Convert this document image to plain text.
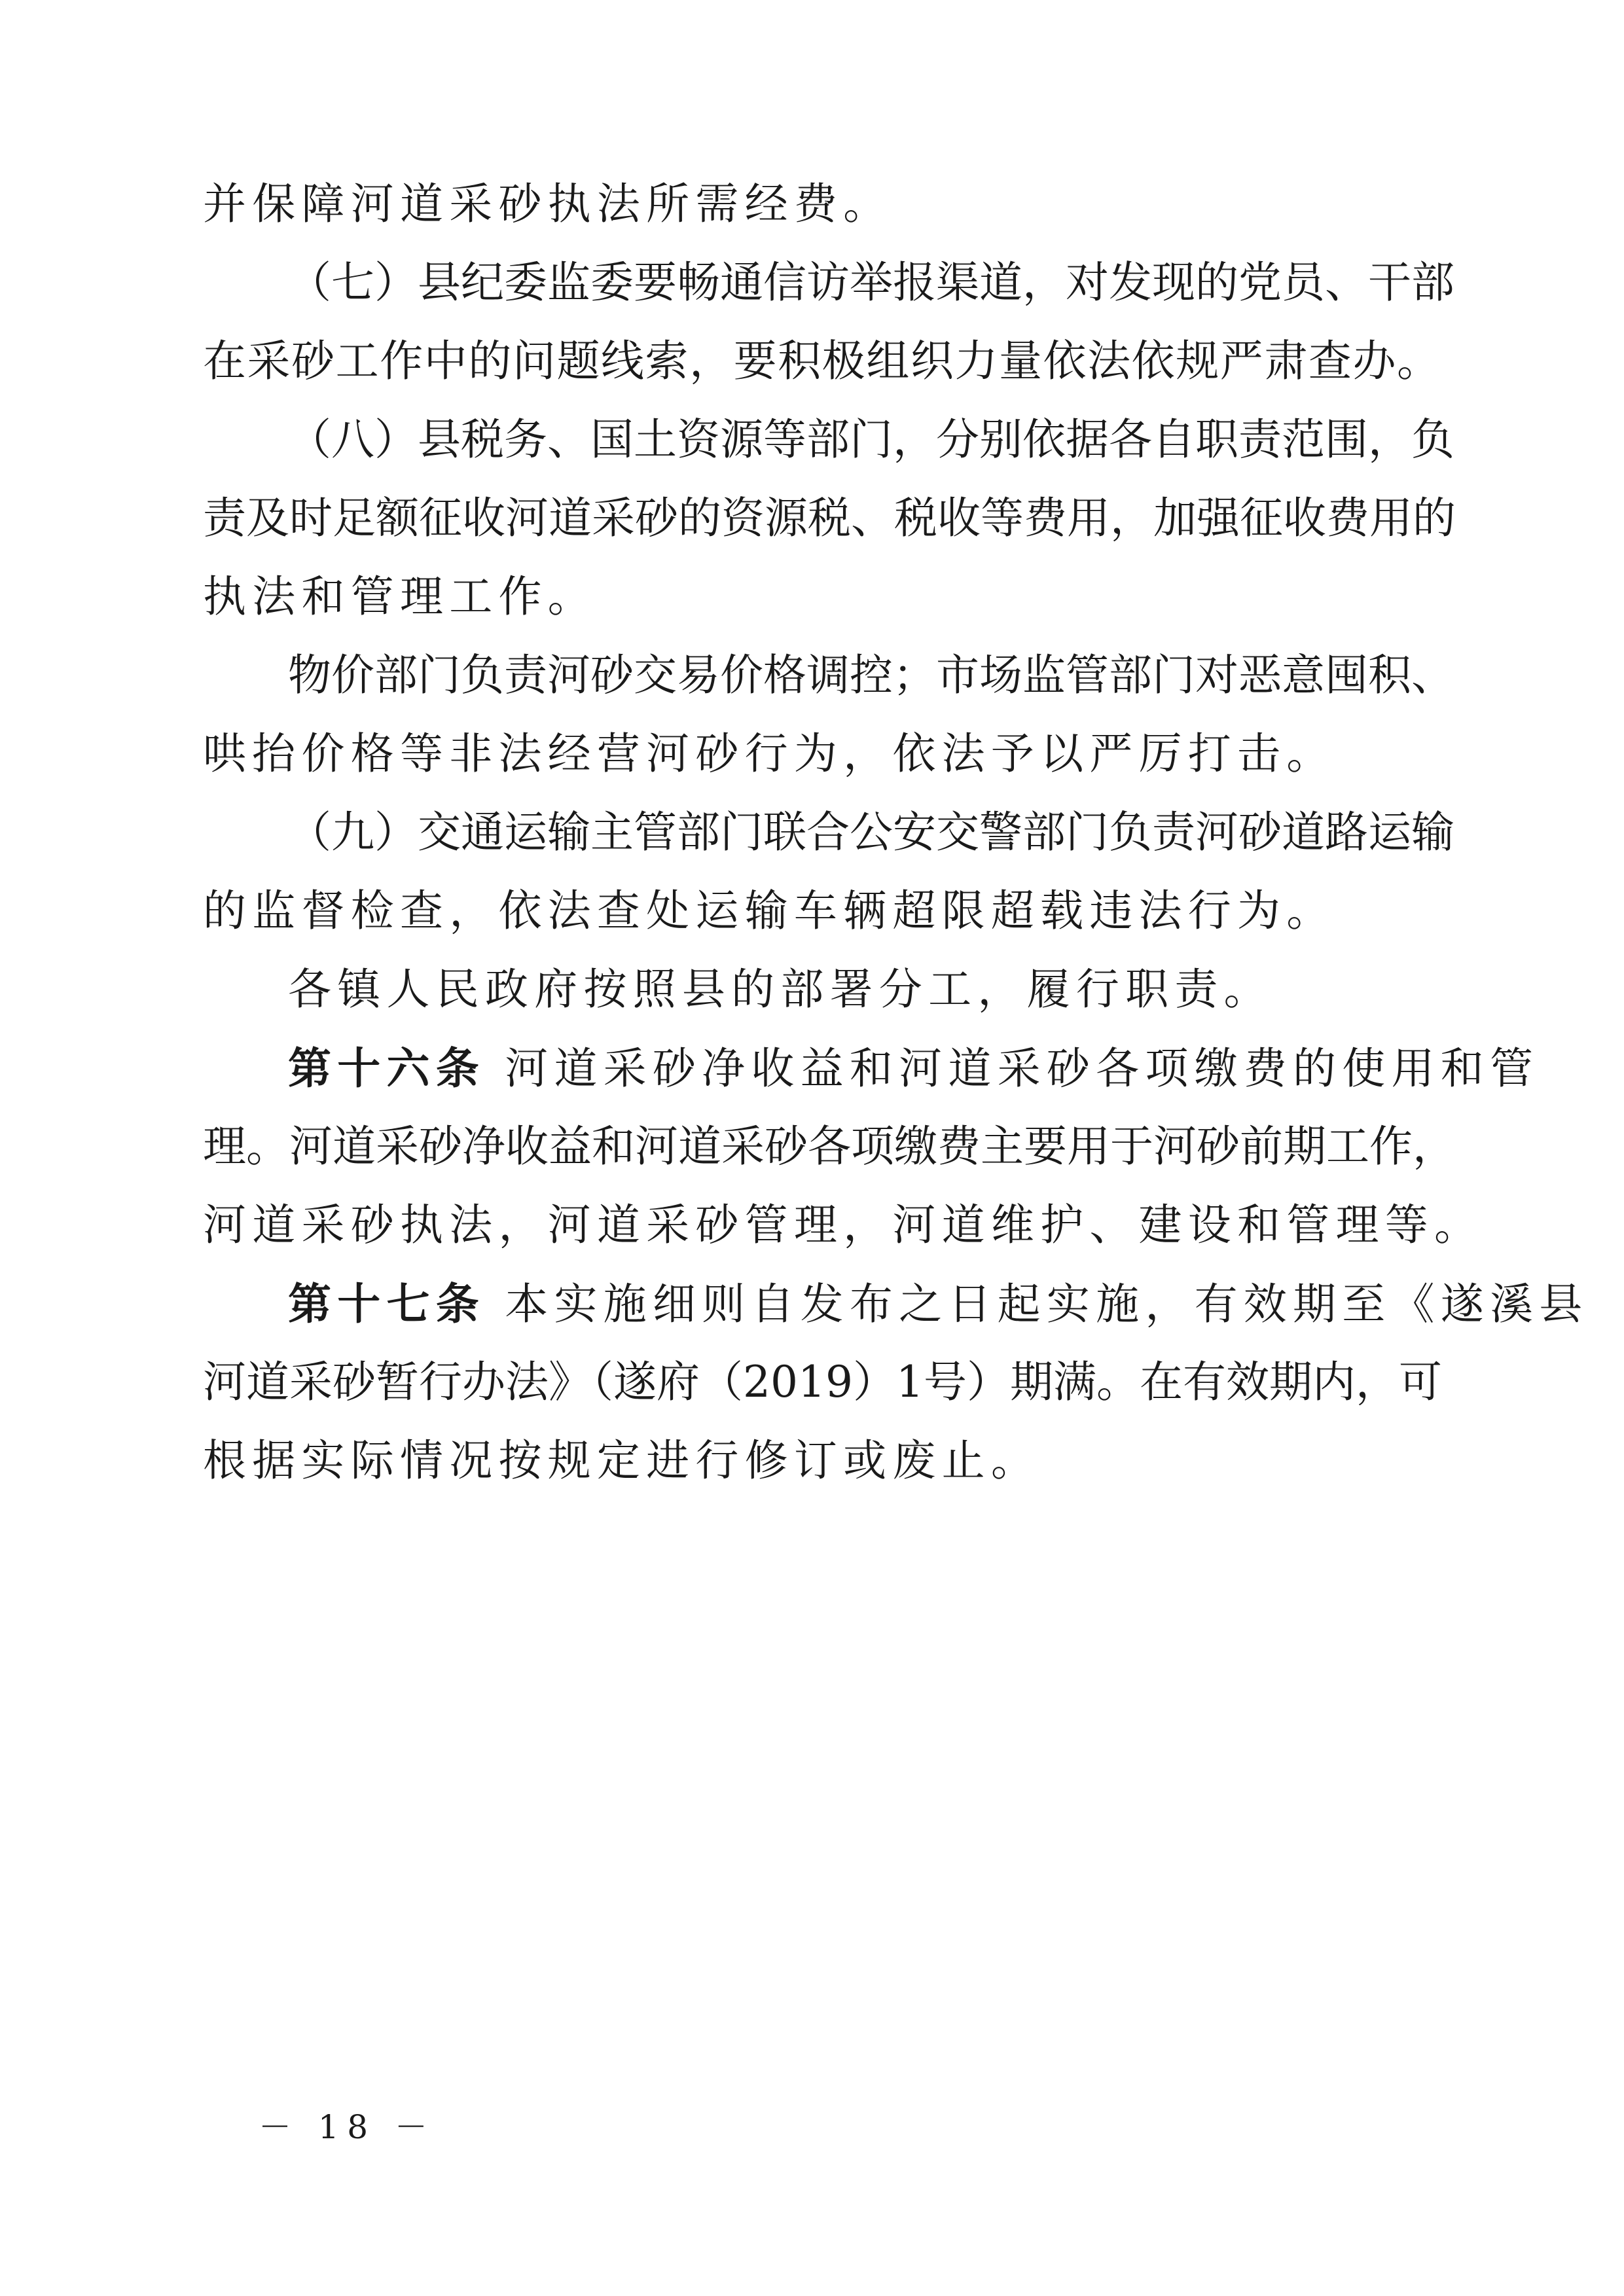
并保障河道采砂执法所需经费。
（七）县纪委监委要畅通信访举报渠道，对发现的党员、干部
在采砂工作中的问题线索，要积极组织力量依法依规严肃查办。
（八）县税务、国土资源等部门，分别依据各自职责范围，负
责及时足额征收河道采砂的资源税、税收等费用，加强征收费用的
执法和管理工作。
物价部门负责河砂交易价格调控；市场监管部门对恶意囤积、
哄抬价格等非法经营河砂行为，依法予以严厉打击。
（九）交通运输主管部门联合公安交警部门负责河砂道路运输
的监督检查，依法查处运输车辆超限超载违法行为。
各镇人民政府按照县的部署分工，履行职责。
第十六条 河道采砂净收益和河道采砂各项缴费的使用和管
理。河道采砂净收益和河道采砂各项缴费主要用于河砂前期工作，
河道采砂执法，河道采砂管理，河道维护、建设和管理等。
第十七条 本实施细则自发布之日起实施，有效期至《遂溪县
河道采砂暂行办法》（遂府（2019）1号）期满。在有效期内，可
根据实际情况按规定进行修订或废止。
－ 18 －
